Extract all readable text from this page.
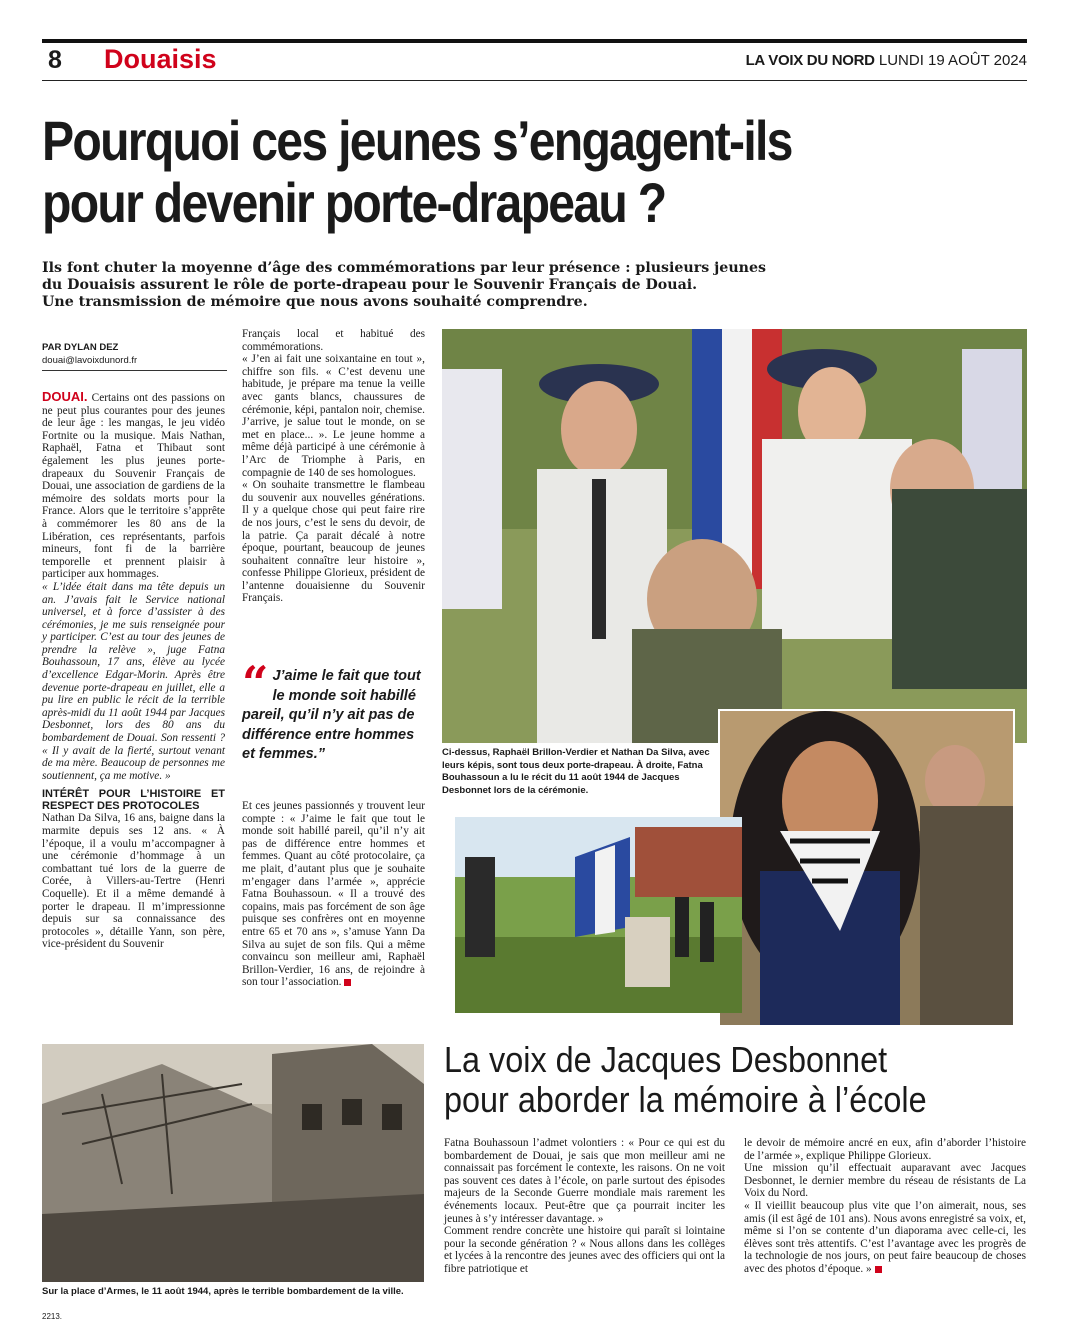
8 Douaisis	LA VOIX DU NORD LUNDI 19 AOÛT 2024
Pourquoi ces jeunes s’engagent-ils
pour devenir porte-drapeau ?
Ils font chuter la moyenne d’âge des commémorations par leur présence : plusieurs jeunes
du Douaisis assurent le rôle de porte-drapeau pour le Souvenir Français de Douai.
Une transmission de mémoire que nous avons souhaité comprendre.
PAR DYLAN DEZ
douai@lavoixdunord.fr

DOUAI. Certains ont des passions on ne peut plus courantes pour des jeunes de leur âge : les mangas, le jeu vidéo Fortnite ou la musique. Mais Nathan, Raphaël, Fatna et Thibaut sont également les plus jeunes porte-drapeaux du Souvenir Français de Douai, une association de gardiens de la mémoire des soldats morts pour la France. Alors que le territoire s’apprête à commémorer les 80 ans de la Libération, ces représentants, parfois mineurs, font fi de la barrière temporelle et prennent plaisir à participer aux hommages.

« L’idée était dans ma tête depuis un an. J’avais fait le Service national universel, et à force d’assister à des cérémonies, je me suis renseignée pour y participer. C’est au tour des jeunes de prendre la relève », juge Fatna Bouhassoun, 17 ans, élève au lycée d’excellence Edgar-Morin. Après être devenue porte-drapeau en juillet, elle a pu lire en public le récit de la terrible après-midi du 11 août 1944 par Jacques Desbonnet, lors des 80 ans du bombardement de Douai. Son ressenti ? « Il y avait de la fierté, surtout venant de ma mère. Beaucoup de personnes me soutiennent, ça me motive. »

INTÉRÊT POUR L’HISTOIRE ET RESPECT DES PROTOCOLES

Nathan Da Silva, 16 ans, baigne dans la marmite depuis ses 12 ans. « À l’époque, il a voulu m’accompagner à une cérémonie d’hommage à un combattant tué lors de la guerre de Corée, à Villers-au-Tertre (Henri Coquelle). Et il a même demandé à porter le drapeau. Il m’impressionne depuis sur sa connaissance des protocoles », détaille Yann, son père, vice-président du Souvenir

Français local et habitué des commémorations.

« J’en ai fait une soixantaine en tout », chiffre son fils. « C’est devenu une habitude, je prépare ma tenue la veille avec gants blancs, chaussures de cérémonie, képi, pantalon noir, chemise. J’arrive, je salue tout le monde, on se met en place... ». Le jeune homme a même déjà participé à une cérémonie à l’Arc de Triomphe à Paris, en compagnie de 140 de ses homologues.

« On souhaite transmettre le flambeau du souvenir aux nouvelles générations. Il y a quelque chose qui peut faire rire de nos jours, c’est le sens du devoir, de la patrie. Ça parait décalé à notre époque, pourtant, beaucoup de jeunes souhaitent connaître leur histoire », confesse Philippe Glorieux, président de l’antenne douaisienne du Souvenir Français.

“ J’aime le fait que tout le monde soit habillé pareil, qu’il n’y ait pas de différence entre hommes et femmes.”

Et ces jeunes passionnés y trouvent leur compte : « J’aime le fait que tout le monde soit habillé pareil, qu’il n’y ait pas de différence entre hommes et femmes. Quant au côté protocolaire, ça me plait, d’autant plus que je souhaite m’engager dans l’armée », apprécie Fatna Bouhassoun. « Il a trouvé des copains, mais pas forcément de son âge puisque ses confrères ont en moyenne entre 65 et 70 ans », s’amuse Yann Da Silva au sujet de son fils. Qui a même convaincu son meilleur ami, Raphaël Brillon-Verdier, 16 ans, de rejoindre à son tour l’association.

Ci-dessus, Raphaël Brillon-Verdier et Nathan Da Silva, avec leurs képis, sont tous deux porte-drapeau. À droite, Fatna Bouhassoun a lu le récit du 11 août 1944 de Jacques Desbonnet lors de la cérémonie.
Sur la place d’Armes, le 11 août 1944, après le terrible bombardement de la ville.
La voix de Jacques Desbonnet
pour aborder la mémoire à l’école

Fatna Bouhassoun l’admet volontiers : « Pour ce qui est du bombardement de Douai, je sais que mon meilleur ami ne connaissait pas forcément le contexte, les raisons. On ne voit pas souvent ces dates à l’école, on parle surtout des épisodes majeurs de la Seconde Guerre mondiale mais rarement les événements locaux. Peut-être que ça pourrait inciter les jeunes à s’y intéresser davantage. »

Comment rendre concrète une histoire qui paraît si lointaine pour la seconde génération ? « Nous allons dans les collèges et lycées à la rencontre des jeunes avec des officiers qui ont la fibre patriotique et

le devoir de mémoire ancré en eux, afin d’aborder l’histoire de l’armée », explique Philippe Glorieux.

Une mission qu’il effectuait auparavant avec Jacques Desbonnet, le dernier membre du réseau de résistants de La Voix du Nord.

« Il vieillit beaucoup plus vite que l’on aimerait, nous, ses amis (il est âgé de 101 ans). Nous avons enregistré sa voix, et, même si l’on se contente d’un diaporama avec celle-ci, les élèves sont très attentifs. C’est l’avantage avec les progrès de la technologie de nos jours, on peut faire beaucoup de choses avec des photos d’époque. »

2213.
